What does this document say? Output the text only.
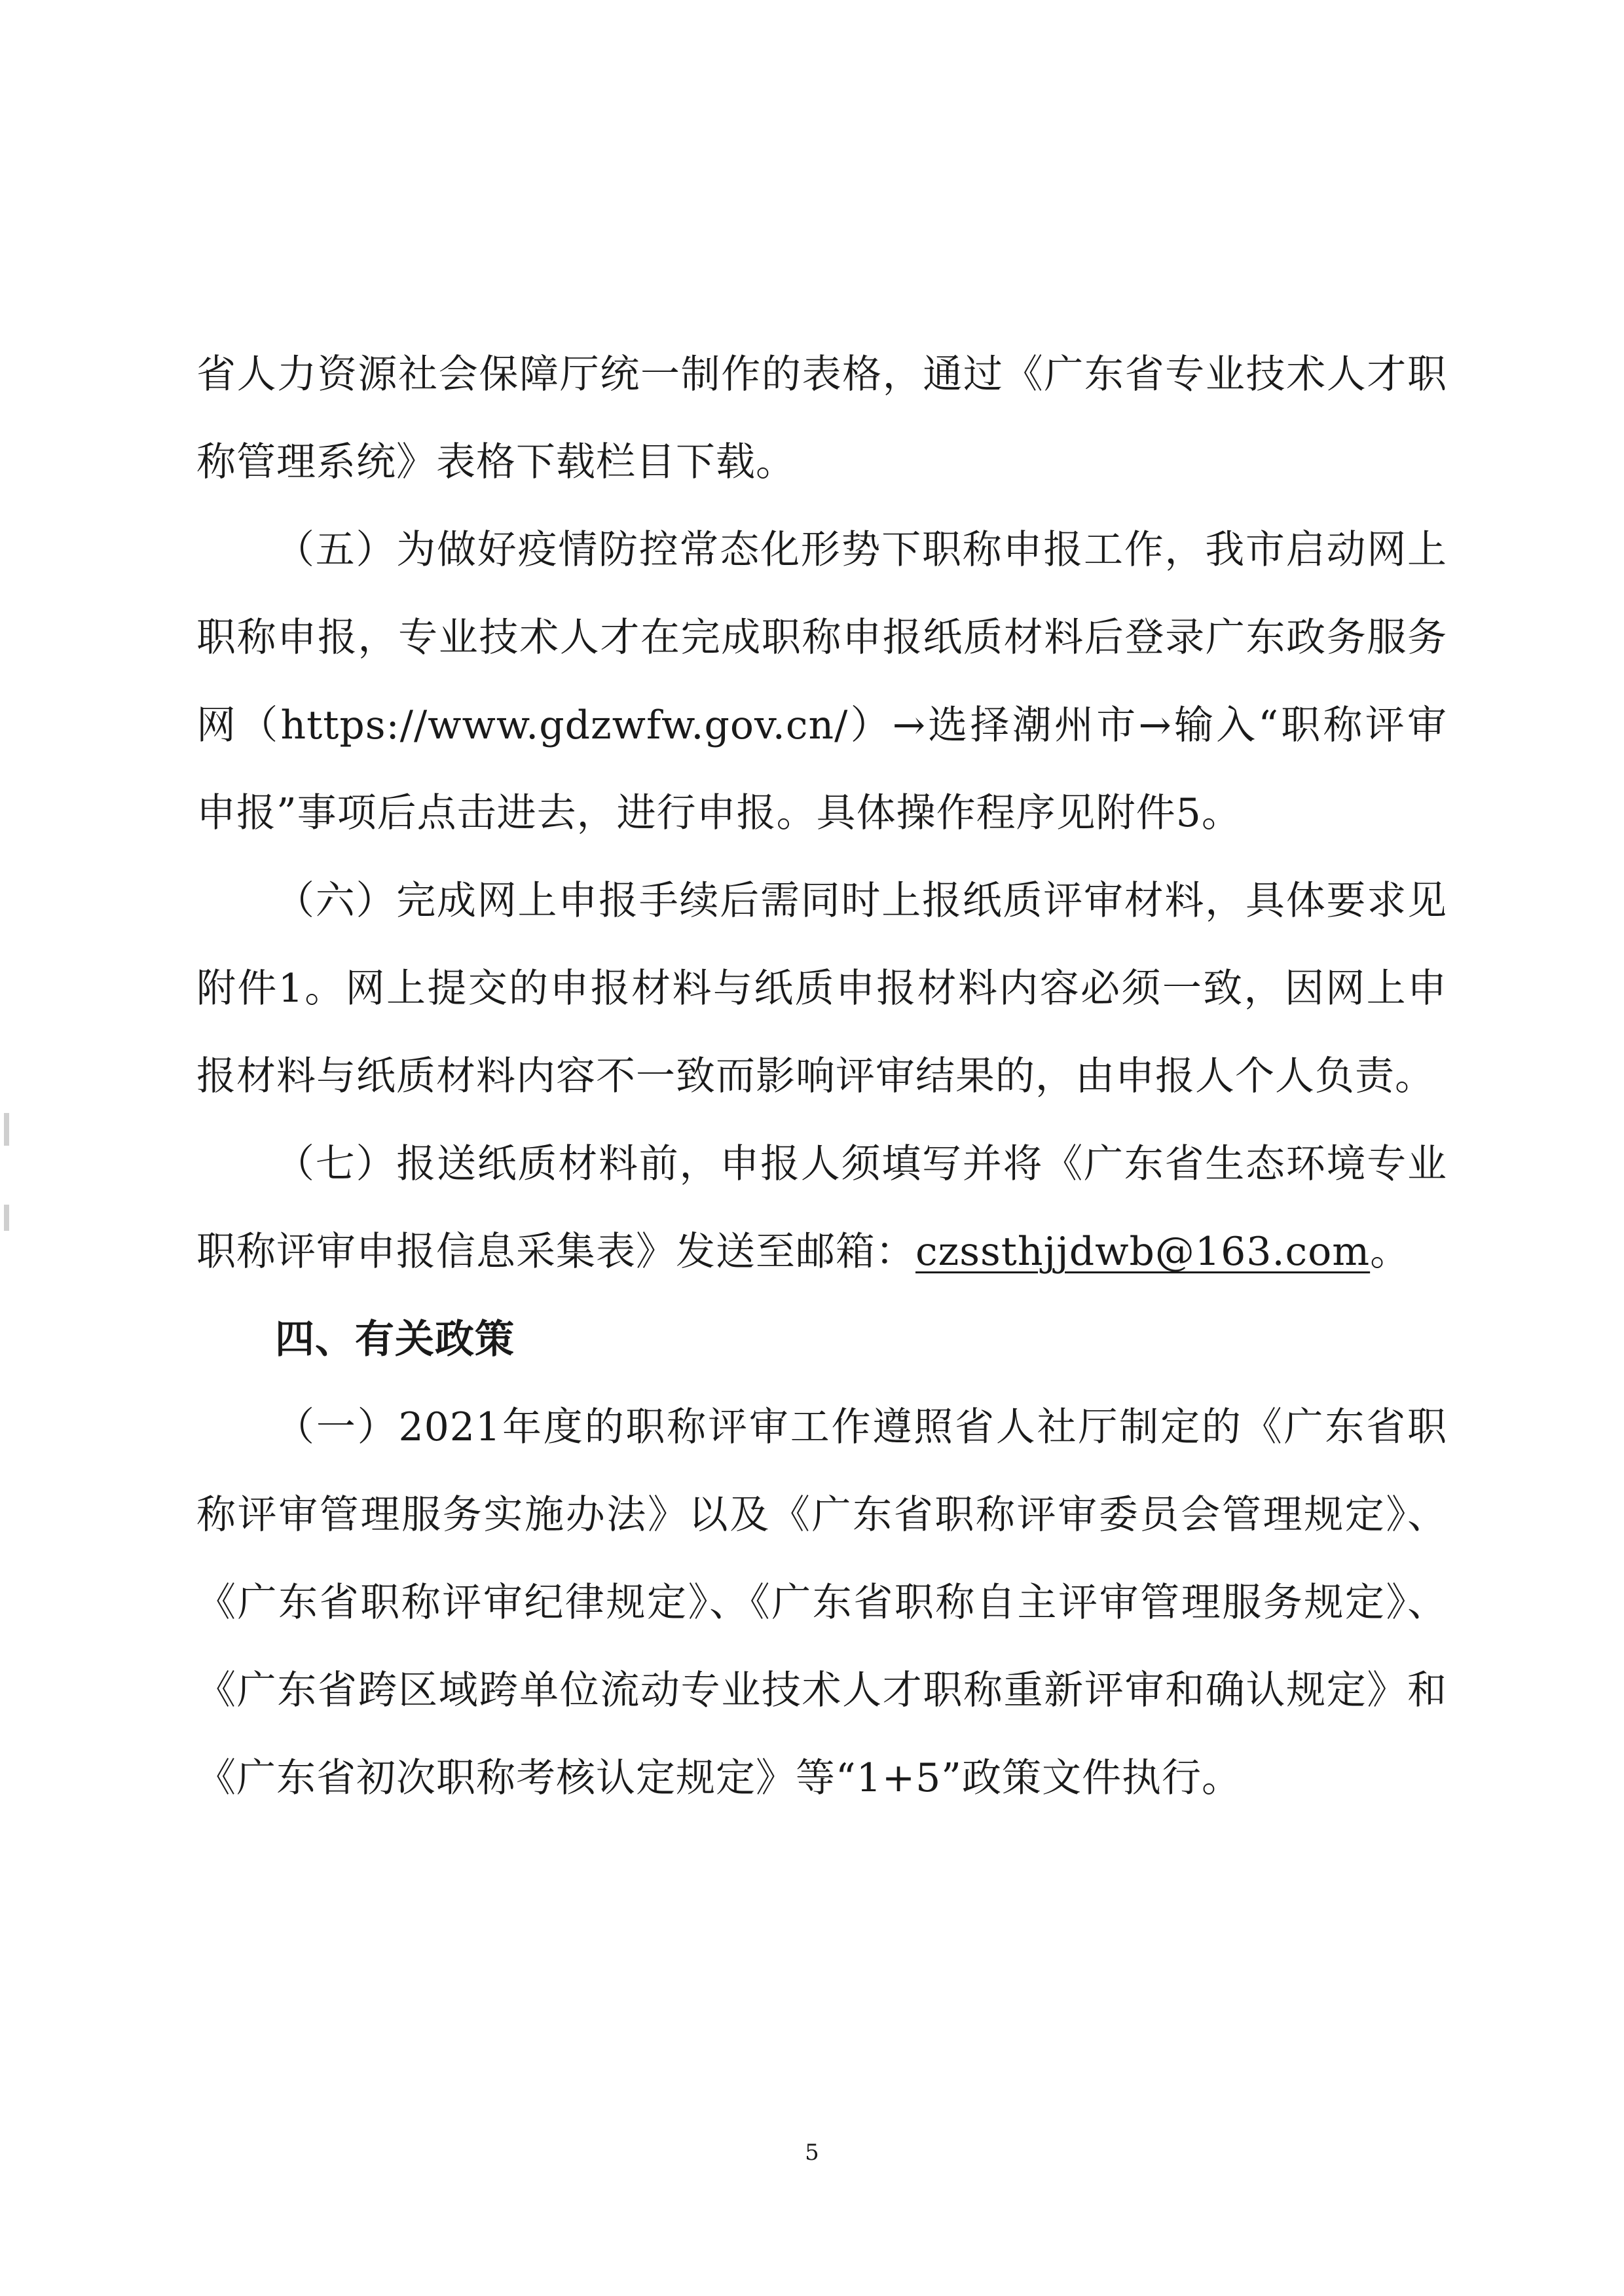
省人力资源社会保障厅统一制作的表格，通过《广东省专业技术人才职称管理系统》表格下载栏目下载。

（五）为做好疫情防控常态化形势下职称申报工作，我市启动网上职称申报，专业技术人才在完成职称申报纸质材料后登录广东政务服务网（https://www.gdzwfw.gov.cn/）→选择潮州市→输入“职称评审申报”事项后点击进去，进行申报。具体操作程序见附件5。

（六）完成网上申报手续后需同时上报纸质评审材料，具体要求见附件1。网上提交的申报材料与纸质申报材料内容必须一致，因网上申报材料与纸质材料内容不一致而影响评审结果的，由申报人个人负责。

（七）报送纸质材料前，申报人须填写并将《广东省生态环境专业职称评审申报信息采集表》发送至邮箱：czssthjjdwb@163.com。

四、有关政策

（一）2021年度的职称评审工作遵照省人社厅制定的《广东省职称评审管理服务实施办法》以及《广东省职称评审委员会管理规定》、《广东省职称评审纪律规定》、《广东省职称自主评审管理服务规定》、《广东省跨区域跨单位流动专业技术人才职称重新评审和确认规定》和《广东省初次职称考核认定规定》等“1+5”政策文件执行。

5
